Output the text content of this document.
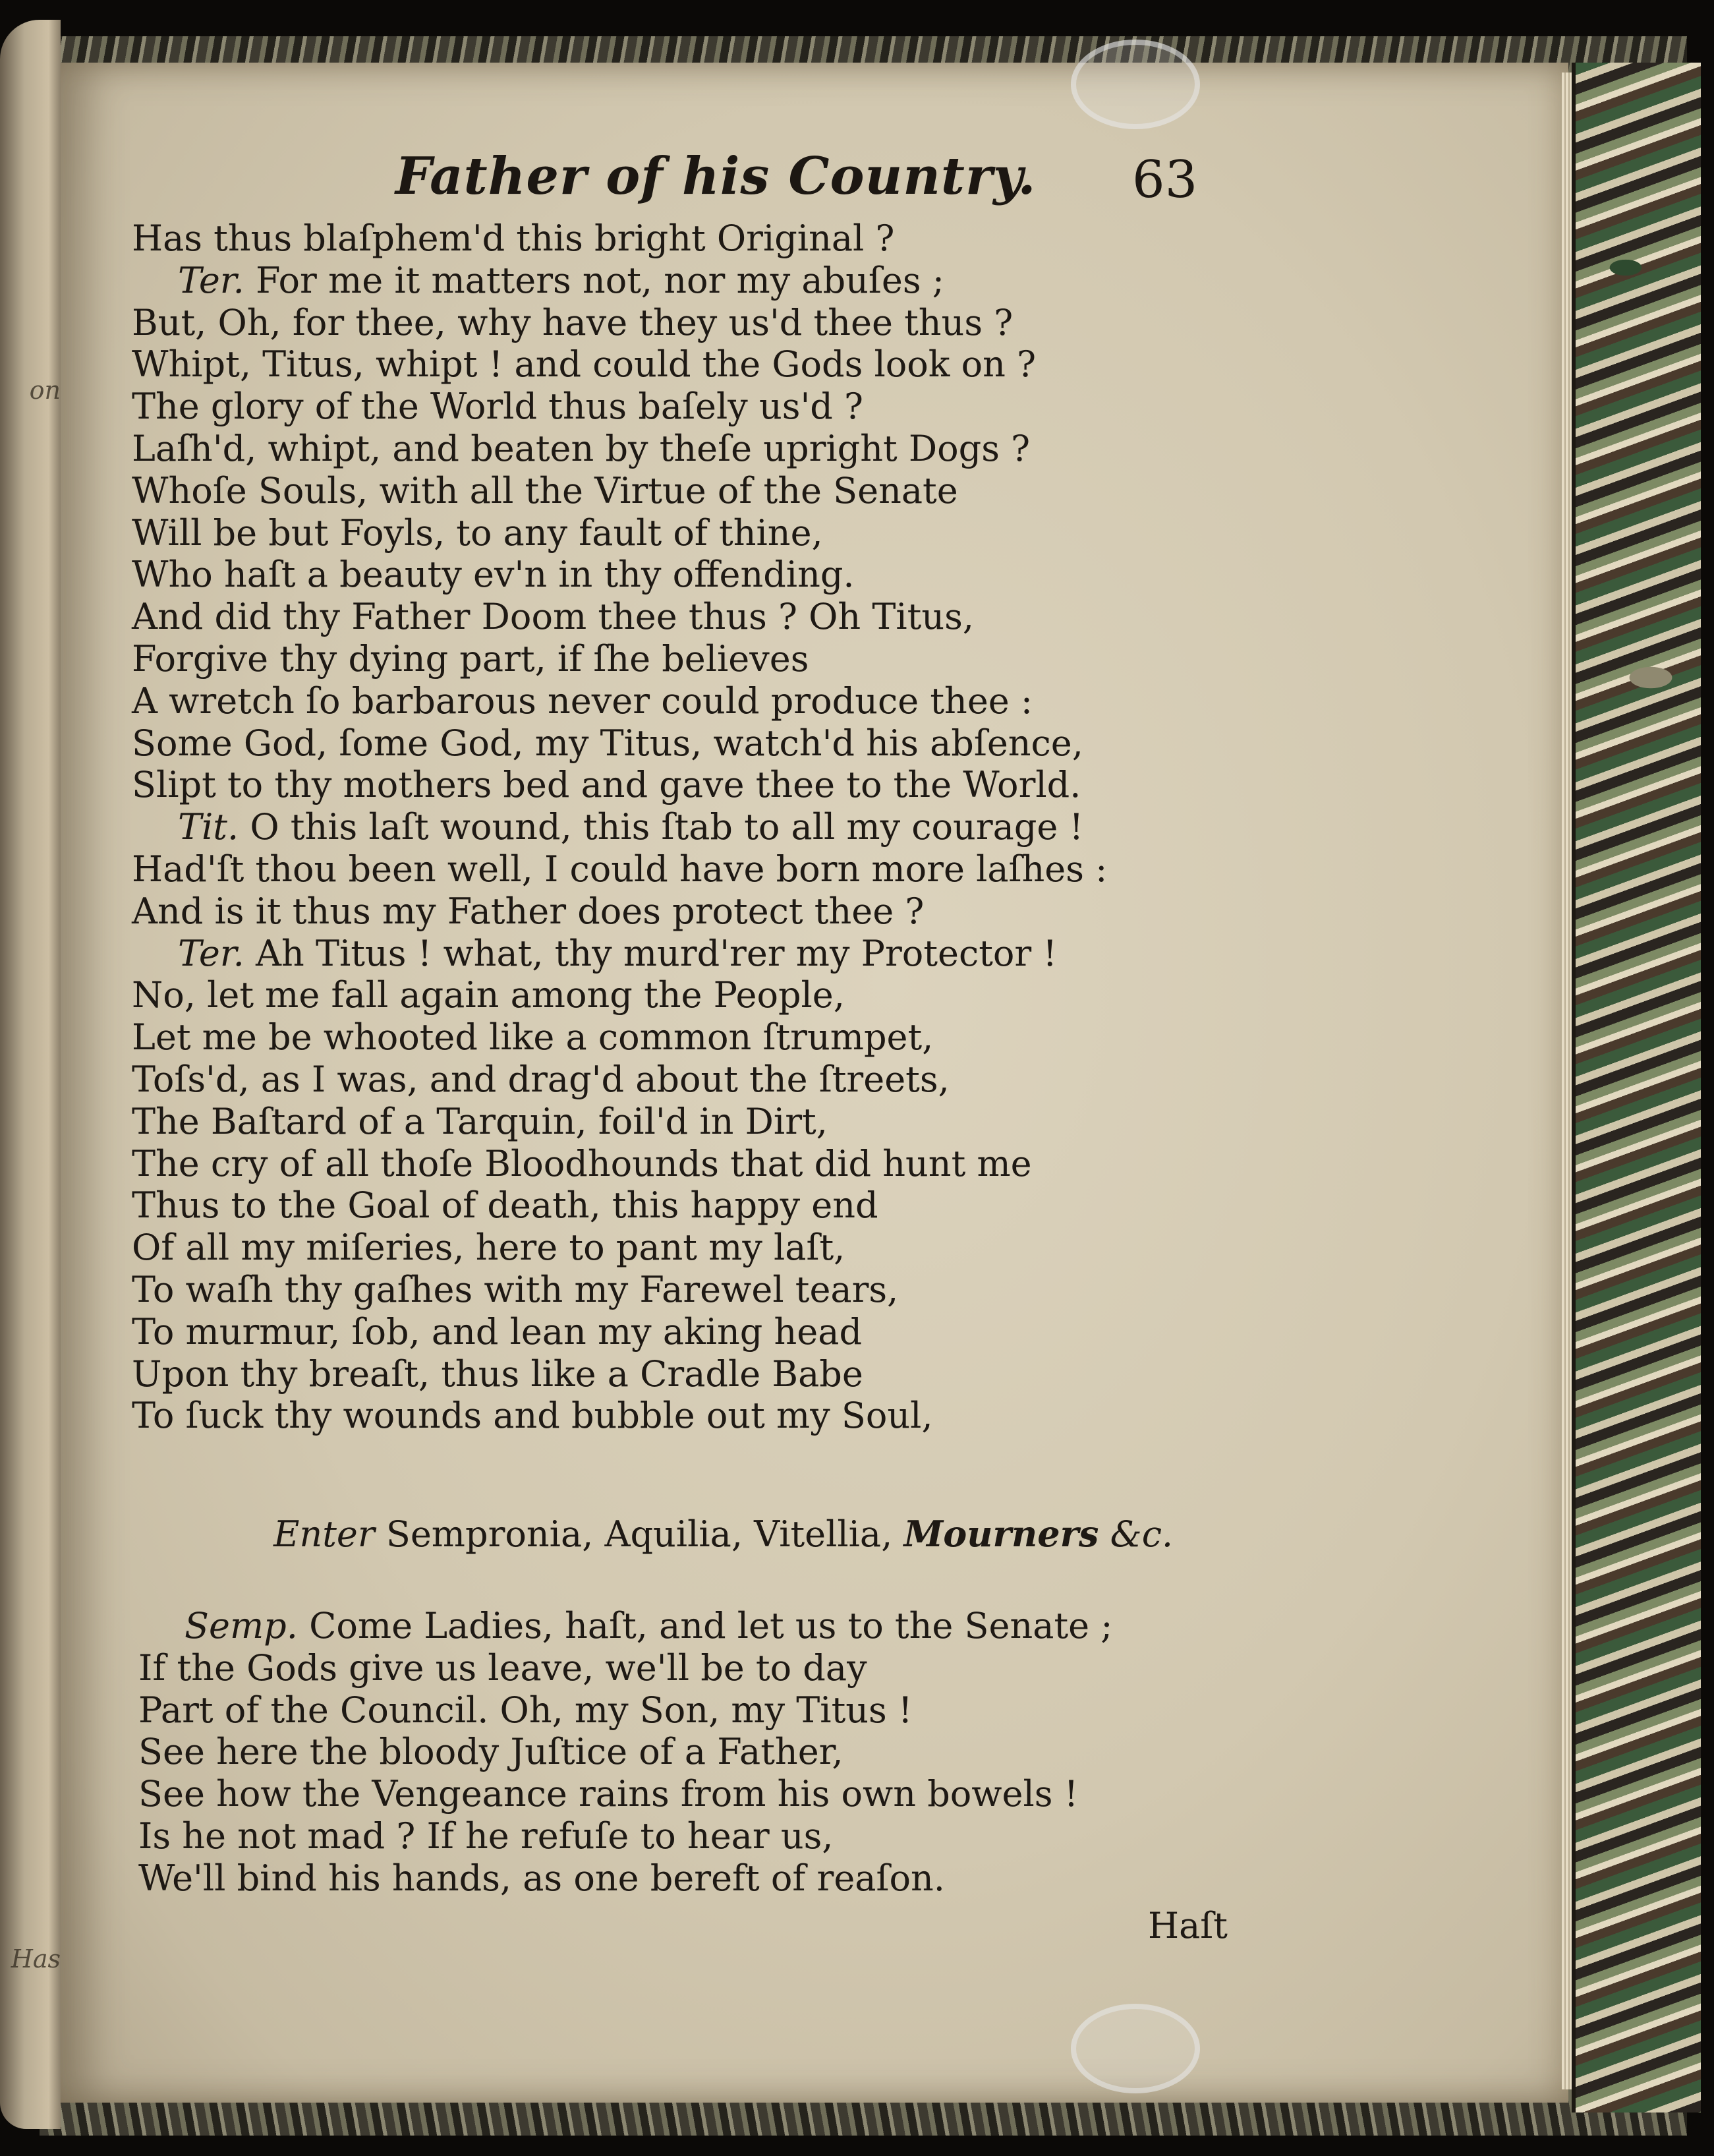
on
Has
Father of his Country. 63
Has thus blaſphem'd this bright Original ?
Ter. For me it matters not, nor my abuſes ;
But, Oh, for thee, why have they us'd thee thus ?
Whipt, Titus, whipt ! and could the Gods look on ?
The glory of the World thus baſely us'd ?
Laſh'd, whipt, and beaten by theſe upright Dogs ?
Whoſe Souls, with all the Virtue of the Senate
Will be but Foyls, to any fault of thine,
Who haſt a beauty ev'n in thy offending.
And did thy Father Doom thee thus ? Oh Titus,
Forgive thy dying part, if ſhe believes
A wretch ſo barbarous never could produce thee :
Some God, ſome God, my Titus, watch'd his abſence,
Slipt to thy mothers bed and gave thee to the World.
Tit. O this laſt wound, this ſtab to all my courage !
Had'ſt thou been well, I could have born more laſhes :
And is it thus my Father does protect thee ?
Ter. Ah Titus ! what, thy murd'rer my Protector !
No, let me fall again among the People,
Let me be whooted like a common ſtrumpet,
Toſs'd, as I was, and drag'd about the ſtreets,
The Baſtard of a Tarquin, foil'd in Dirt,
The cry of all thoſe Bloodhounds that did hunt me
Thus to the Goal of death, this happy end
Of all my miſeries, here to pant my laſt,
To waſh thy gaſhes with my Farewel tears,
To murmur, ſob, and lean my aking head
Upon thy breaſt, thus like a Cradle Babe
To ſuck thy wounds and bubble out my Soul,
Enter Sempronia, Aquilia, Vitellia, Mourners &c.
Semp. Come Ladies, haſt, and let us to the Senate ;
If the Gods give us leave, we'll be to day
Part of the Council. Oh, my Son, my Titus !
See here the bloody Juſtice of a Father,
See how the Vengeance rains from his own bowels !
Is he not mad ? If he refuſe to hear us,
We'll bind his hands, as one bereft of reaſon.
Haſt
